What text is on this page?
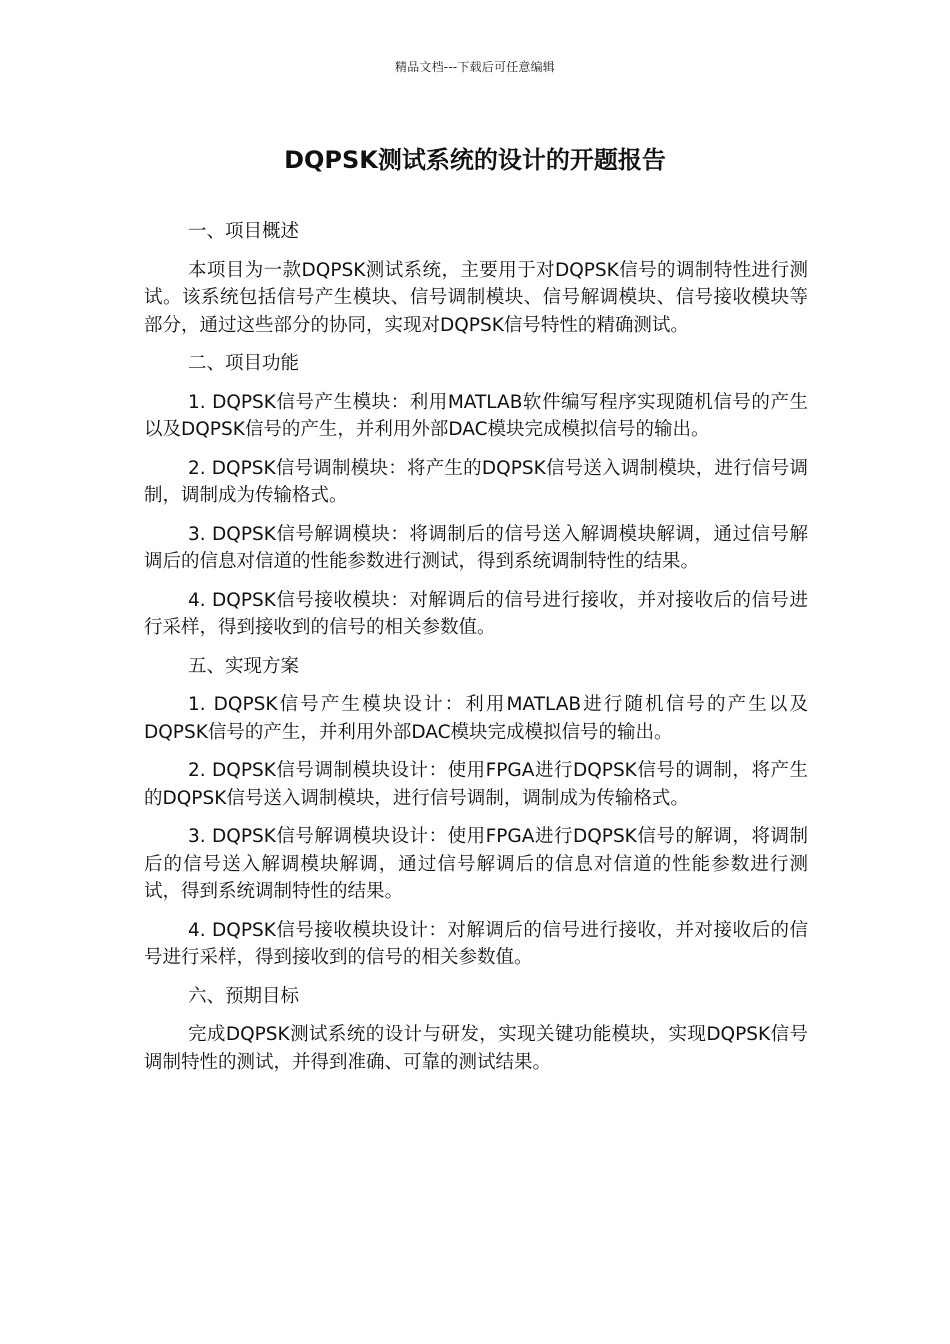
精品文档---下载后可任意编辑
DQPSK测试系统的设计的开题报告

一、项目概述

本项目为一款DQPSK测试系统，主要用于对DQPSK信号的调制特性进行测试。该系统包括信号产生模块、信号调制模块、信号解调模块、信号接收模块等部分，通过这些部分的协同，实现对DQPSK信号特性的精确测试。

二、项目功能

1. DQPSK信号产生模块：利用MATLAB软件编写程序实现随机信号的产生以及DQPSK信号的产生，并利用外部DAC模块完成模拟信号的输出。

2. DQPSK信号调制模块：将产生的DQPSK信号送入调制模块，进行信号调制，调制成为传输格式。

3. DQPSK信号解调模块：将调制后的信号送入解调模块解调，通过信号解调后的信息对信道的性能参数进行测试，得到系统调制特性的结果。

4. DQPSK信号接收模块：对解调后的信号进行接收，并对接收后的信号进行采样，得到接收到的信号的相关参数值。

五、实现方案

1. DQPSK信号产生模块设计：利用MATLAB进行随机信号的产生以及DQPSK信号的产生，并利用外部DAC模块完成模拟信号的输出。

2. DQPSK信号调制模块设计：使用FPGA进行DQPSK信号的调制，将产生的DQPSK信号送入调制模块，进行信号调制，调制成为传输格式。

3. DQPSK信号解调模块设计：使用FPGA进行DQPSK信号的解调，将调制后的信号送入解调模块解调，通过信号解调后的信息对信道的性能参数进行测试，得到系统调制特性的结果。

4. DQPSK信号接收模块设计：对解调后的信号进行接收，并对接收后的信号进行采样，得到接收到的信号的相关参数值。

六、预期目标

完成DQPSK测试系统的设计与研发，实现关键功能模块，实现DQPSK信号调制特性的测试，并得到准确、可靠的测试结果。
